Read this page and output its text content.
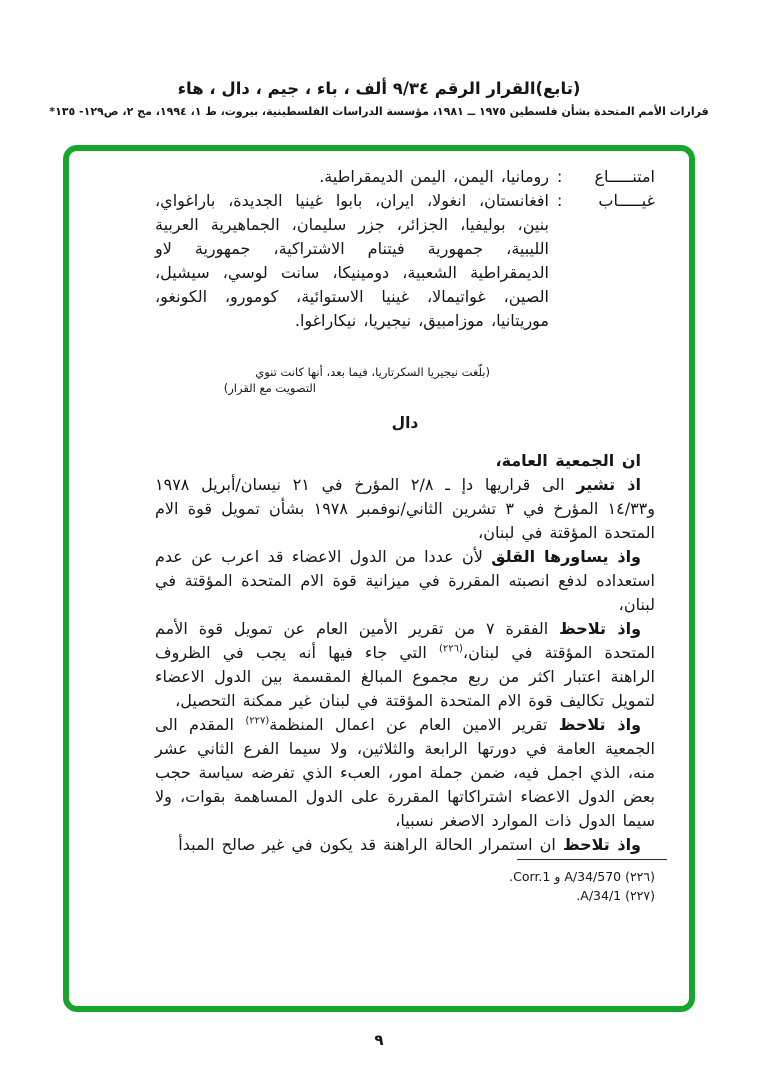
(تابع)القرار الرقم ٩/٣٤ ألف ، باء ، جيم ، دال ، هاء
قرارات الأمم المتحدة بشأن فلسطين ١٩٧٥ ــ ١٩٨١، مؤسسة الدراسات الفلسطينية، بيروت، ط ١، ١٩٩٤، مج ٢، ص١٢٩- ١٣٥*
امتنـــــاع
:
رومانيا، اليمن، اليمن الديمقراطية.
غيـــــاب
:
افغانستان، انغولا، ايران، بابوا غينيا الجديدة، باراغواي، بنين، بوليفيا، الجزائر، جزر سليمان، الجماهيرية العربية الليبية، جمهورية فيتنام الاشتراكية، جمهورية لاو الديمقراطية الشعبية، دومينيكا، سانت لوسي، سيشيل، الصين، غواتيمالا، غينيا الاستوائية، كومورو، الكونغو، موريتانيا، موزامبيق، نيجيريا، نيكاراغوا.
(بلّغت نيجيريا السكرتاريا، فيما بعد، أنها كانت تنوي
التصويت مع القرار)
دال

ان الجمعية العامة،

اذ تشير الى قراريها دإ ـ ٢/٨ المؤرخ في ٢١ نيسان/أبريل ١٩٧٨ و١٤/٣٣ المؤرخ في ٣ تشرين الثاني/نوفمبر ١٩٧٨ بشأن تمويل قوة الام المتحدة المؤقتة في لبنان،

واذ يساورها القلق لأن عددا من الدول الاعضاء قد اعرب عن عدم استعداده لدفع انصبته المقررة في ميزانية قوة الام المتحدة المؤقتة في لبنان،

واذ تلاحظ الفقرة ٧ من تقرير الأمين العام عن تمويل قوة الأمم المتحدة المؤقتة في لبنان،$^{(٢٢٦)}$ التي جاء فيها أنه يجب في الظروف الراهنة اعتبار اكثر من ربع مجموع المبالغ المقسمة بين الدول الاعضاء لتمويل تكاليف قوة الام المتحدة المؤقتة في لبنان غير ممكنة التحصيل،

واذ تلاحظ تقرير الامين العام عن اعمال المنظمة$^{(٢٢٧)}$ المقدم الى الجمعية العامة في دورتها الرابعة والثلاثين، ولا سيما الفرع الثاني عشر منه، الذي اجمل فيه، ضمن جملة امور، العبء الذي تفرضه سياسة حجب بعض الدول الاعضاء اشتراكاتها المقررة على الدول المساهمة بقوات، ولا سيما الدول ذات الموارد الاصغر نسبيا،

واذ تلاحظ ان استمرار الحالة الراهنة قد يكون في غير صالح المبدأ

.Corr.1 و A/34/570 (٢٢٦)
.A/34/1 (٢٢٧)
٩
